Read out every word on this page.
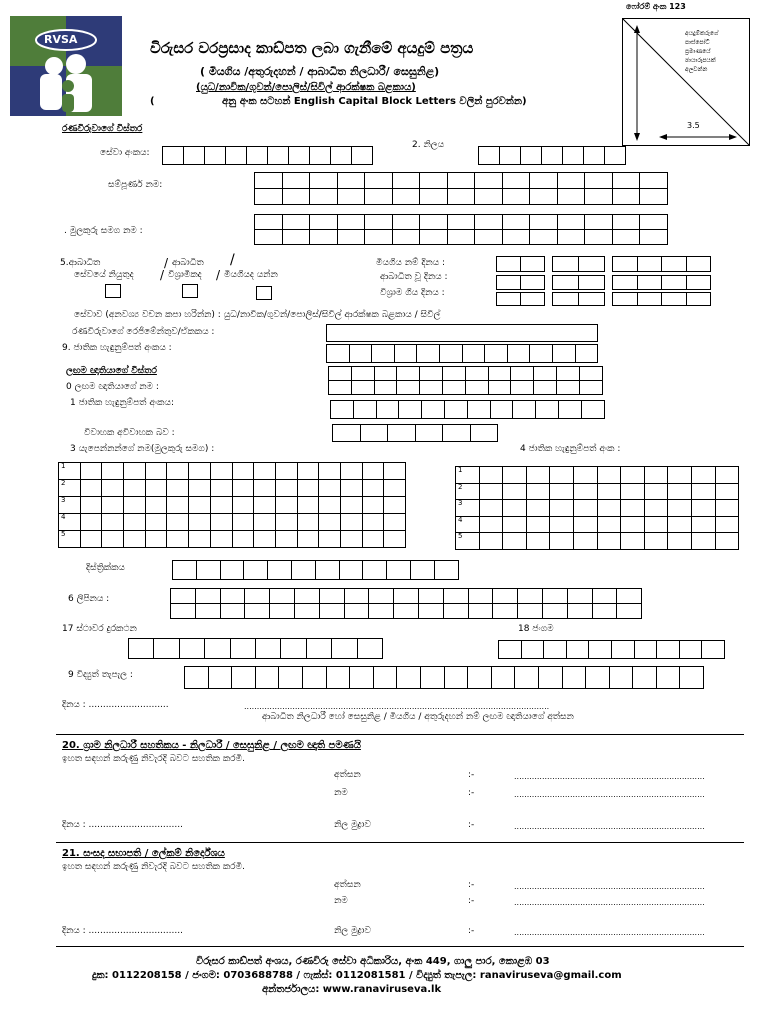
RVSA
ෆෝරම් අංක 123
විරුසර වරප්‍රසාද කාඩ්පත ලබා ගැනීමේ අයදුම් පත්‍රය
( මියගිය /අතුරුදහන් / ආබාධිත නිලධාරී/ සෙසුනිළ)
(යුධ/නාවික/ගුවන්/පොලිස්/සිවිල් ආරක්ෂක බළකාය)
(	අනු අංක සටහන් English Capital Block Letters වලින් පුරවන්න)
අයදුම්කරුගේ පාස්පෝට් ප්‍රමාණයේ ඡායාරූපයක් අලවන්න
3.5
රණවිරුවාගේ විස්තර
සේවා අංකය:
2. නිලය
සම්පූර්ණ නම:
. මුලකුරු සමග නම :
5.ආබාධිත	/ ආබාධිත /
සේවයේ නියුතුද / විශ්‍රාමිකද / මියගියද යන්න
මියගිය නම් දිනය :
ආබාධිත වූ දිනය :
විශ්‍රාම ගිය දිනය :
සේවාව (අනවශ්‍ය වචන කපා හරින්න) : යුධ/නාවික/ගුවන්/පොලිස්/සිවිල් ආරක්ෂක බළකාය / සිවිල්
රණවිරුවාගේ රෙජිමේන්තුව/ඒකකය :
9. ජාතික හැඳුනුම්පත් අංකය :
ලඟම ඥාතියාගේ විස්තර
0 ලඟම ඥාතියාගේ නම :
1 ජාතික හැඳුනුම්පත් අංකය:
විවාහක අවිවාහක බව :
3 යැපෙන්නන්ගේ නම(මුලකුරු සමග) :	4 ජාතික හැඳුනුම්පත් අංක :
1
2
3
4
5
1
2
3
4
5
දිස්ත්‍රික්කය
6 ලිපිනය :
17 ස්ථාවර දුරකථන	18 ජංගම
9 විද්‍යුත් තැපැල :
දිනය : ............................	........................................................................................................................
ආබාධිත නිලධාරී හෝ සෙසුනිළ / මියගිය / අතුරුදහන් නම් ලඟම ඥාතියාගේ අත්සන
20. ග්‍රාම නිලධාරී සහතිකය - නිලධාරී / සෙසුනිළ / ලඟම ඥාති පමණයි
ඉහත සඳහන් කරුණු නිවැරදි බවට සහතික කරමි.
අත්සන	:-	...........................................................................
නම	:-	...........................................................................
දිනය : .................................	නිල මුද්‍රාව	:-	...........................................................................
21. සංසද සභාපති / ලේකම් නිර්දේශය
ඉහත සඳහන් කරුණු නිවැරදි බවට සහතික කරමි.
අත්සන	:-	...........................................................................
නම	:-	...........................................................................
දිනය : .................................	නිල මුද්‍රාව	:-	...........................................................................
විරුසර කාඩ්පත් අංශය, රණවිරු සේවා අධිකාරිය, අංක 449, ගාලු පාර, කොළඹ 03
දුක: 0112208158 / ජංගම: 0703688788 / ෆැක්ස්: 0112081581 / විද්‍යුත් තැපැල: ranaviruseva@gmail.com
අන්තර්ජාලය: www.ranaviruseva.lk
